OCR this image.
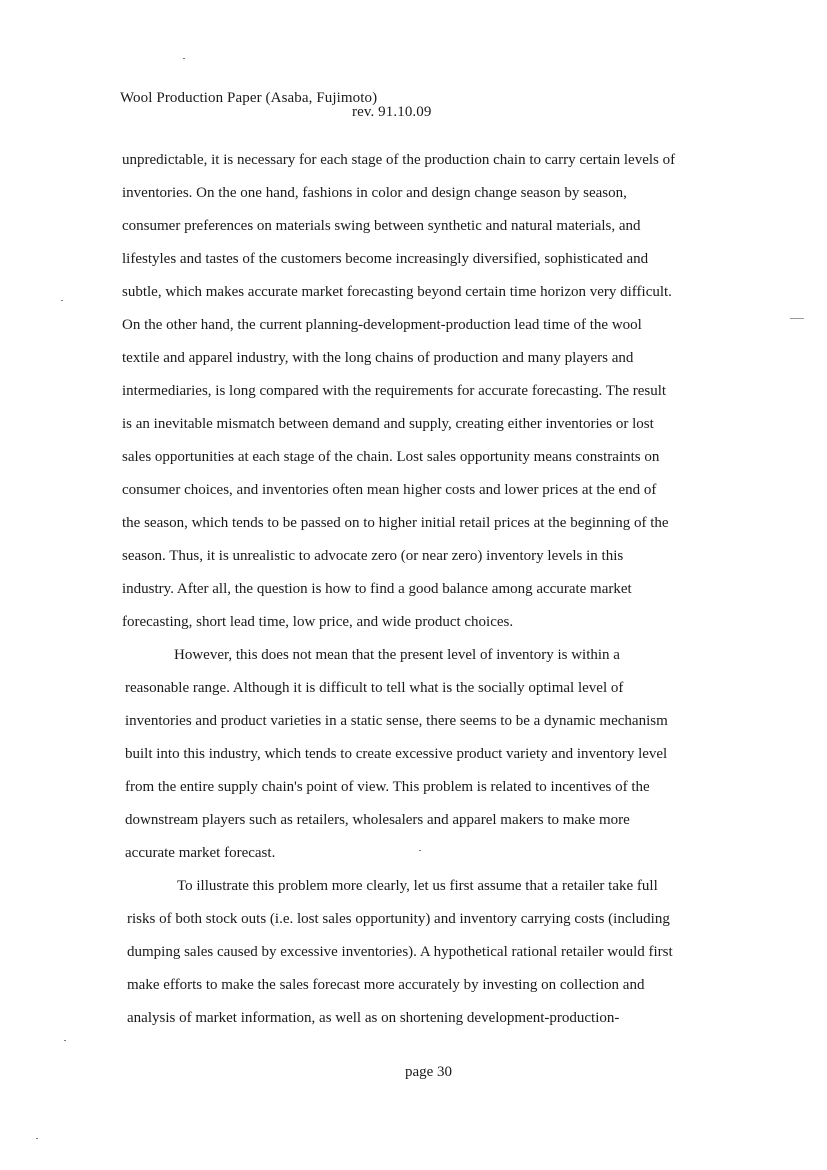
Wool Production Paper (Asaba, Fujimoto)
rev. 91.10.09
unpredictable, it is necessary for each stage of the production chain to carry certain levels of
inventories. On the one hand, fashions in color and design change season by season,
consumer preferences on materials swing between synthetic and natural materials, and
lifestyles and tastes of the customers become increasingly diversified, sophisticated and
subtle, which makes accurate market forecasting beyond certain time horizon very difficult.
On the other hand, the current planning-development-production lead time of the wool
textile and apparel industry, with the long chains of production and many players and
intermediaries, is long compared with the requirements for accurate forecasting. The result
is an inevitable mismatch between demand and supply, creating either inventories or lost
sales opportunities at each stage of the chain. Lost sales opportunity means constraints on
consumer choices, and inventories often mean higher costs and lower prices at the end of
the season, which tends to be passed on to higher initial retail prices at the beginning of the
season. Thus, it is unrealistic to advocate zero (or near zero) inventory levels in this
industry. After all, the question is how to find a good balance among accurate market
forecasting, short lead time, low price, and wide product choices.
However, this does not mean that the present level of inventory is within a
reasonable range. Although it is difficult to tell what is the socially optimal level of
inventories and product varieties in a static sense, there seems to be a dynamic mechanism
built into this industry, which tends to create excessive product variety and inventory level
from the entire supply chain's point of view. This problem is related to incentives of the
downstream players such as retailers, wholesalers and apparel makers to make more
accurate market forecast.
To illustrate this problem more clearly, let us first assume that a retailer take full
risks of both stock outs (i.e. lost sales opportunity) and inventory carrying costs (including
dumping sales caused by excessive inventories). A hypothetical rational retailer would first
make efforts to make the sales forecast more accurately by investing on collection and
analysis of market information, as well as on shortening development-production-
page 30
